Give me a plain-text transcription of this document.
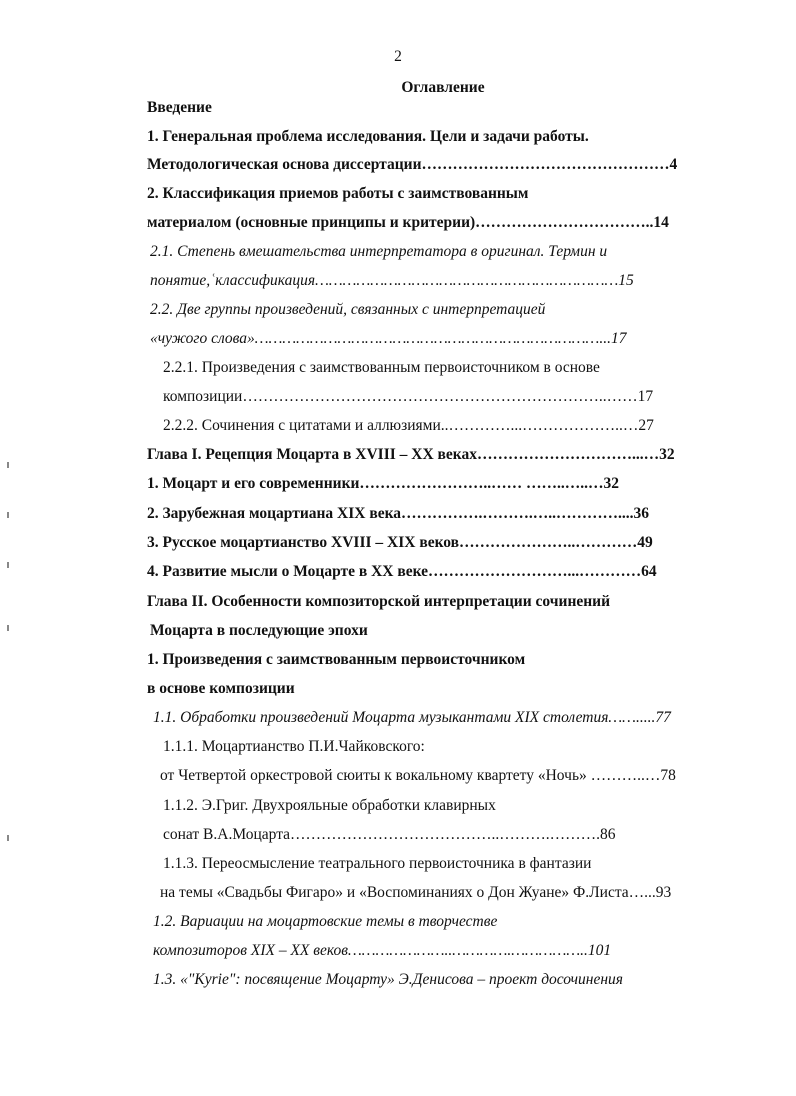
2
Оглавление
Введение
1. Генеральная проблема исследования. Цели и задачи работы.
Методологическая основа диссертации…………………………………………4
2. Классификация приемов работы с заимствованным
материалом (основные принципы и критерии)……………………………..14
2.1. Степень вмешательства интерпретатора в оригинал. Термин и
понятие,ʿклассификация…………………………………………………………15
2.2. Две группы произведений, связанных с интерпретацией
«чужого слова»…………………………………………………………………...17
2.2.1. Произведения с заимствованным первоисточником в основе
композиции……………………………………………………………..……17
2.2.2. Сочинения с цитатами и аллюзиями..…………...………………..…27
Глава I. Рецепция Моцарта в XVIII – XX веках…………………………...…32
1. Моцарт и его современники……………………..…… ……..…..…32
2. Зарубежная моцартиана XIX века…………….……….…..…………....36
3. Русское моцартианство XVIII – XIX веков…………………..…………49
4. Развитие мысли о Моцарте в XX веке………………………...…………64
Глава II. Особенности композиторской интерпретации сочинений
Моцарта в последующие эпохи
1. Произведения с заимствованным первоисточником
в основе композиции
1.1. Обработки произведений Моцарта музыкантами XIX столетия…….....77
1.1.1. Моцартианство П.И.Чайковского:
от Четвертой оркестровой сюиты к вокальному квартету «Ночь» ………..…78
1.1.2. Э.Григ. Двухрояльные обработки клавирных
сонат В.А.Моцарта…………………………………..……….……….86
1.1.3. Переосмысление театрального первоисточника в фантазии
на темы «Свадьбы Фигаро» и «Воспоминаниях о Дон Жуане» Ф.Листа…...93
1.2. Вариации на моцартовские темы в творчестве
композиторов XIX – XX веков…………………..………….……………..101
1.3. «"Kyrie": посвящение Моцарту» Э.Денисова – проект досочинения
